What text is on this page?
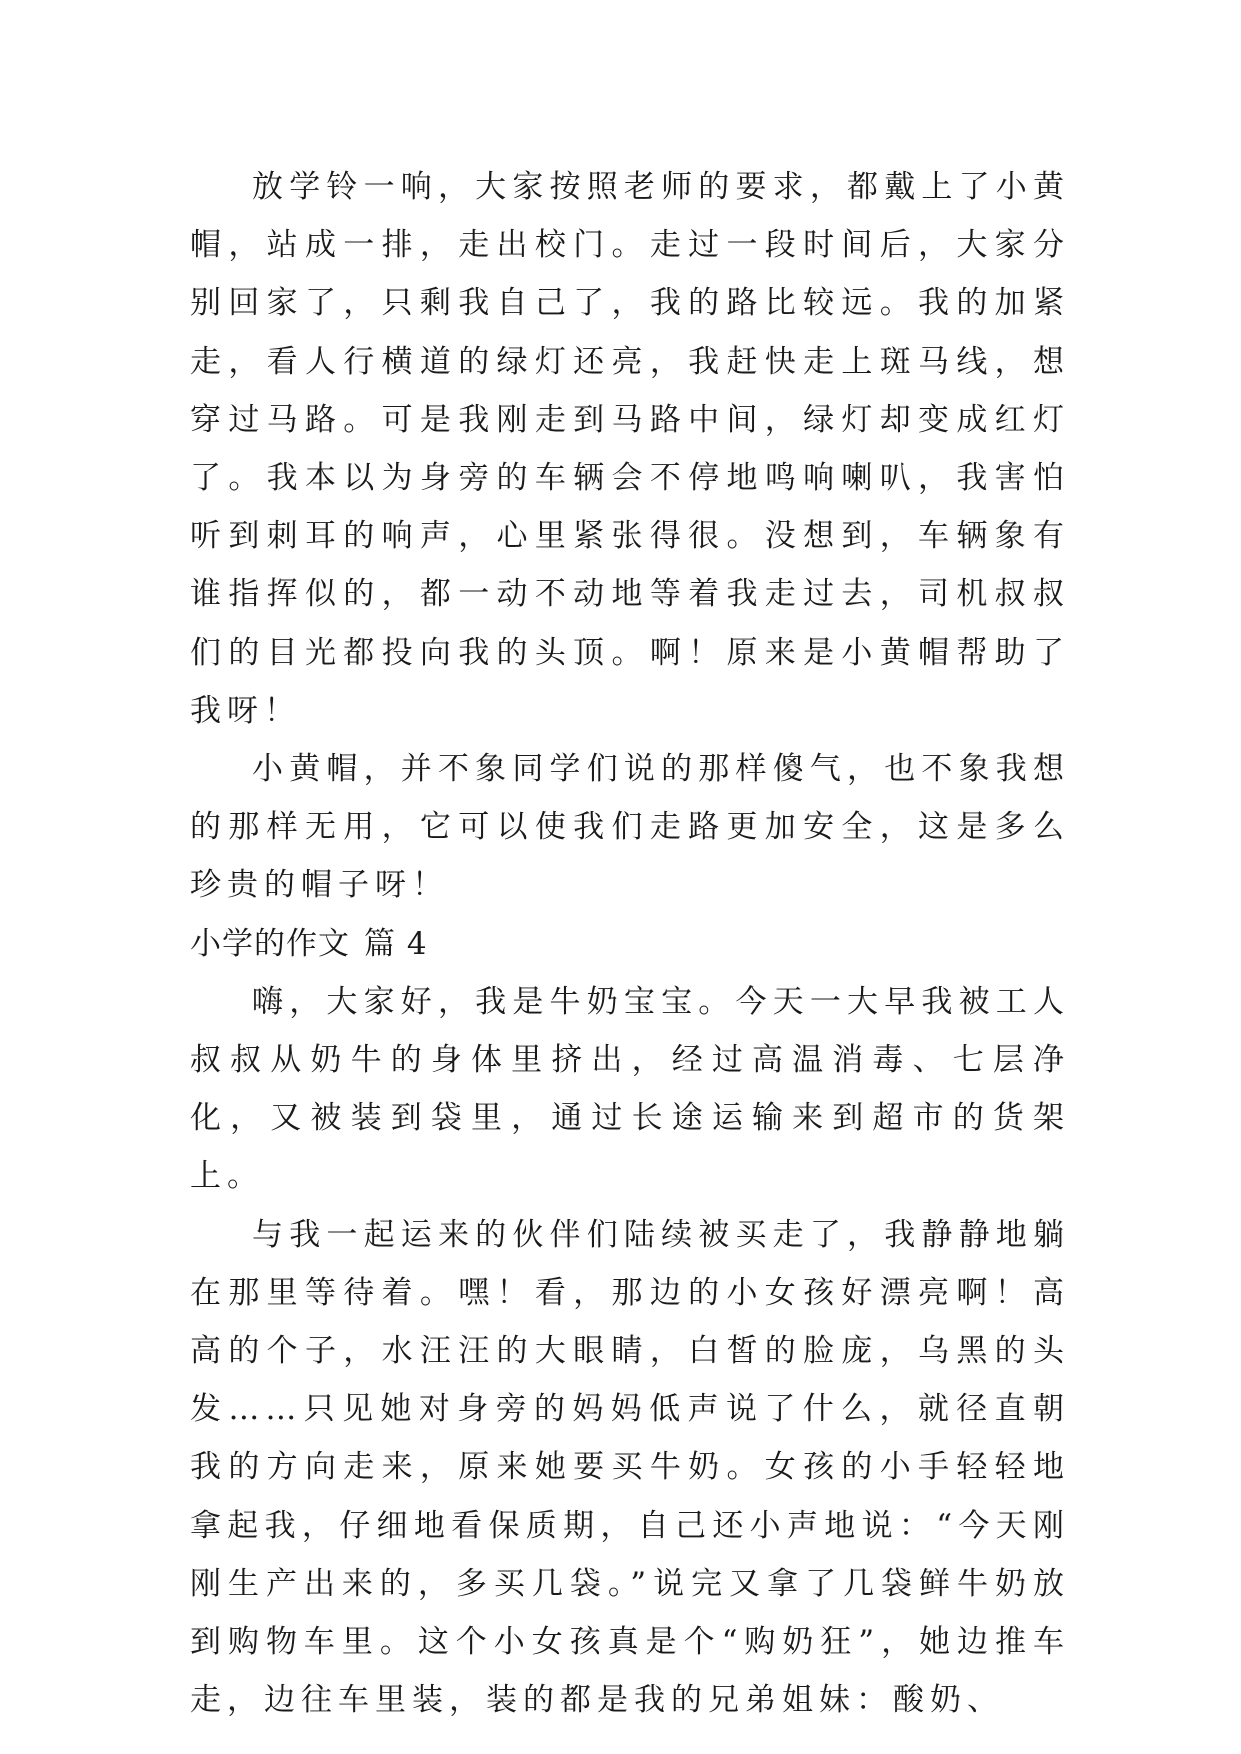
放学铃一响，大家按照老师的要求，都戴上了小黄帽，站成一排，走出校门。走过一段时间后，大家分别回家了，只剩我自己了，我的路比较远。我的加紧走，看人行横道的绿灯还亮，我赶快走上斑马线，想穿过马路。可是我刚走到马路中间，绿灯却变成红灯了。我本以为身旁的车辆会不停地鸣响喇叭，我害怕听到刺耳的响声，心里紧张得很。没想到，车辆象有谁指挥似的，都一动不动地等着我走过去，司机叔叔们的目光都投向我的头顶。啊！原来是小黄帽帮助了我呀！

小黄帽，并不象同学们说的那样傻气，也不象我想的那样无用，它可以使我们走路更加安全，这是多么珍贵的帽子呀！

小学的作文 篇 4

嗨，大家好，我是牛奶宝宝。今天一大早我被工人叔叔从奶牛的身体里挤出，经过高温消毒、七层净化，又被装到袋里，通过长途运输来到超市的货架上。

与我一起运来的伙伴们陆续被买走了，我静静地躺在那里等待着。嘿！看，那边的小女孩好漂亮啊！高高的个子，水汪汪的大眼睛，白皙的脸庞，乌黑的头发……只见她对身旁的妈妈低声说了什么，就径直朝我的方向走来，原来她要买牛奶。女孩的小手轻轻地拿起我，仔细地看保质期，自己还小声地说：“今天刚刚生产出来的，多买几袋。”说完又拿了几袋鲜牛奶放到购物车里。这个小女孩真是个“购奶狂”，她边推车走，边往车里装，装的都是我的兄弟姐妹：酸奶、
